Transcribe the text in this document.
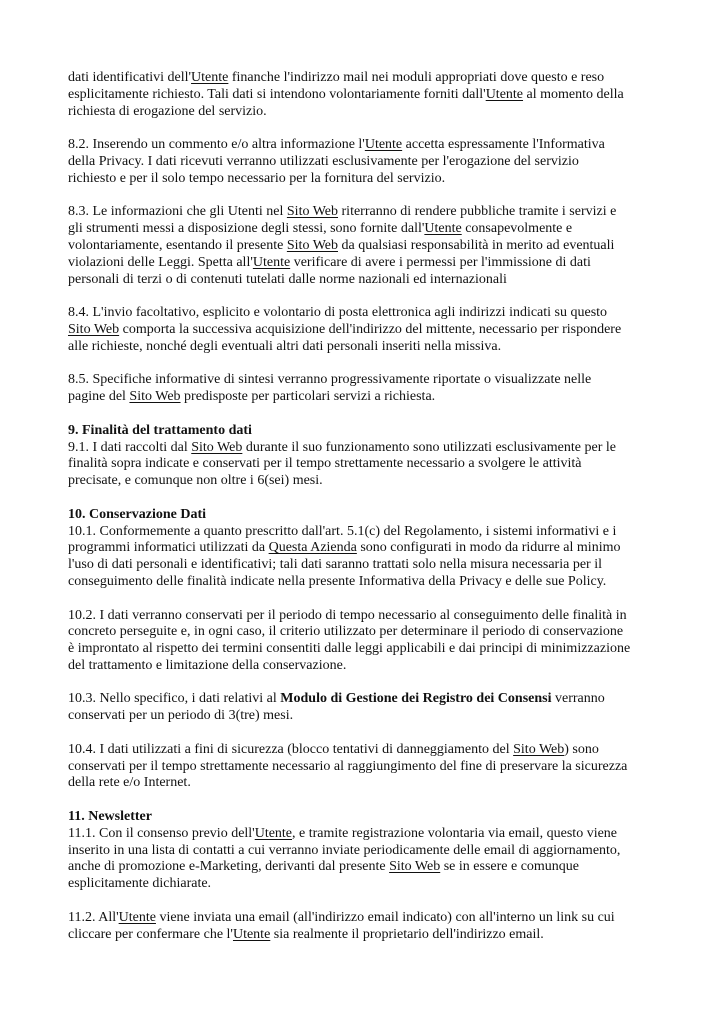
dati identificativi dell'Utente finanche l'indirizzo mail nei moduli appropriati dove questo e reso
esplicitamente richiesto. Tali dati si intendono volontariamente forniti dall'Utente al momento della
richiesta di erogazione del servizio.
8.2. Inserendo un commento e/o altra informazione l'Utente accetta espressamente l'Informativa
della Privacy. I dati ricevuti verranno utilizzati esclusivamente per l'erogazione del servizio
richiesto e per il solo tempo necessario per la fornitura del servizio.
8.3. Le informazioni che gli Utenti nel Sito Web riterranno di rendere pubbliche tramite i servizi e
gli strumenti messi a disposizione degli stessi, sono fornite dall'Utente consapevolmente e
volontariamente, esentando il presente Sito Web da qualsiasi responsabilità in merito ad eventuali
violazioni delle Leggi. Spetta all'Utente verificare di avere i permessi per l'immissione di dati
personali di terzi o di contenuti tutelati dalle norme nazionali ed internazionali
8.4. L'invio facoltativo, esplicito e volontario di posta elettronica agli indirizzi indicati su questo
Sito Web comporta la successiva acquisizione dell'indirizzo del mittente, necessario per rispondere
alle richieste, nonché degli eventuali altri dati personali inseriti nella missiva.
8.5. Specifiche informative di sintesi verranno progressivamente riportate o visualizzate nelle
pagine del Sito Web predisposte per particolari servizi a richiesta.
9. Finalità del trattamento dati
9.1. I dati raccolti dal Sito Web durante il suo funzionamento sono utilizzati esclusivamente per le
finalità sopra indicate e conservati per il tempo strettamente necessario a svolgere le attività
precisate, e comunque non oltre i 6(sei) mesi.
10. Conservazione Dati
10.1. Conformemente a quanto prescritto dall'art. 5.1(c) del Regolamento, i sistemi informativi e i
programmi informatici utilizzati da Questa Azienda sono configurati in modo da ridurre al minimo
l'uso di dati personali e identificativi; tali dati saranno trattati solo nella misura necessaria per il
conseguimento delle finalità indicate nella presente Informativa della Privacy e delle sue Policy.
10.2. I dati verranno conservati per il periodo di tempo necessario al conseguimento delle finalità in
concreto perseguite e, in ogni caso, il criterio utilizzato per determinare il periodo di conservazione
è improntato al rispetto dei termini consentiti dalle leggi applicabili e dai principi di minimizzazione
del trattamento e limitazione della conservazione.
10.3. Nello specifico, i dati relativi al Modulo di Gestione dei Registro dei Consensi verranno
conservati per un periodo di 3(tre) mesi.
10.4. I dati utilizzati a fini di sicurezza (blocco tentativi di danneggiamento del Sito Web) sono
conservati per il tempo strettamente necessario al raggiungimento del fine di preservare la sicurezza
della rete e/o Internet.
11. Newsletter
11.1. Con il consenso previo dell'Utente, e tramite registrazione volontaria via email, questo viene
inserito in una lista di contatti a cui verranno inviate periodicamente delle email di aggiornamento,
anche di promozione e-Marketing, derivanti dal presente Sito Web se in essere e comunque
esplicitamente dichiarate.
11.2. All'Utente viene inviata una email (all'indirizzo email indicato) con all'interno un link su cui
cliccare per confermare che l'Utente sia realmente il proprietario dell'indirizzo email.
